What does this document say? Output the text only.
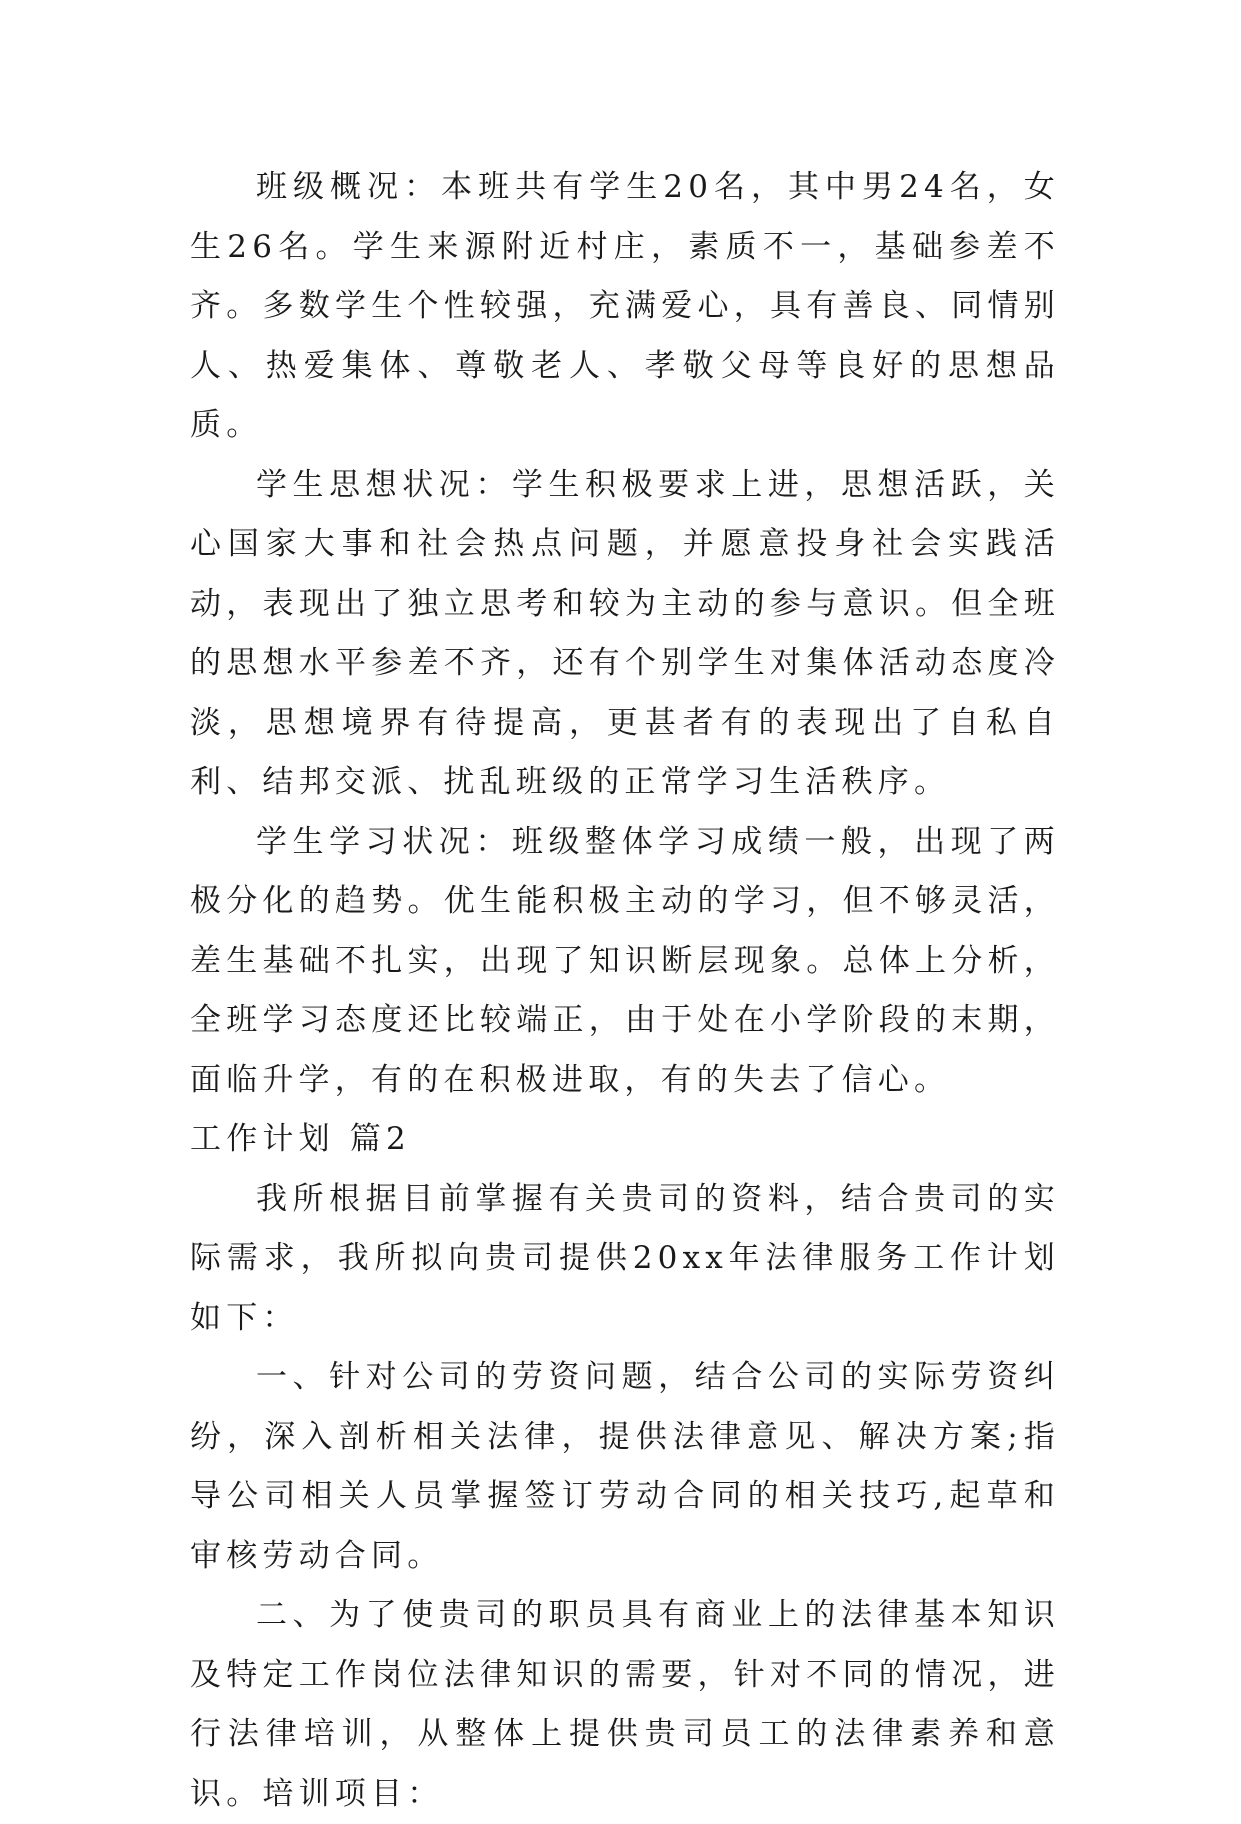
班级概况：本班共有学生20名，其中男24名，女生26名。学生来源附近村庄，素质不一，基础参差不齐。多数学生个性较强，充满爱心，具有善良、同情别人、热爱集体、尊敬老人、孝敬父母等良好的思想品质。

学生思想状况：学生积极要求上进，思想活跃，关心国家大事和社会热点问题，并愿意投身社会实践活动，表现出了独立思考和较为主动的参与意识。但全班的思想水平参差不齐，还有个别学生对集体活动态度冷淡，思想境界有待提高，更甚者有的表现出了自私自利、结邦交派、扰乱班级的正常学习生活秩序。

学生学习状况：班级整体学习成绩一般，出现了两极分化的趋势。优生能积极主动的学习，但不够灵活，差生基础不扎实，出现了知识断层现象。总体上分析，全班学习态度还比较端正，由于处在小学阶段的末期，面临升学，有的在积极进取，有的失去了信心。

工作计划 篇2

我所根据目前掌握有关贵司的资料，结合贵司的实际需求，我所拟向贵司提供20xx年法律服务工作计划如下：

一、针对公司的劳资问题，结合公司的实际劳资纠纷，深入剖析相关法律，提供法律意见、解决方案;指导公司相关人员掌握签订劳动合同的相关技巧,起草和审核劳动合同。

二、为了使贵司的职员具有商业上的法律基本知识及特定工作岗位法律知识的需要，针对不同的情况，进行法律培训，从整体上提供贵司员工的法律素养和意识。培训项目：
